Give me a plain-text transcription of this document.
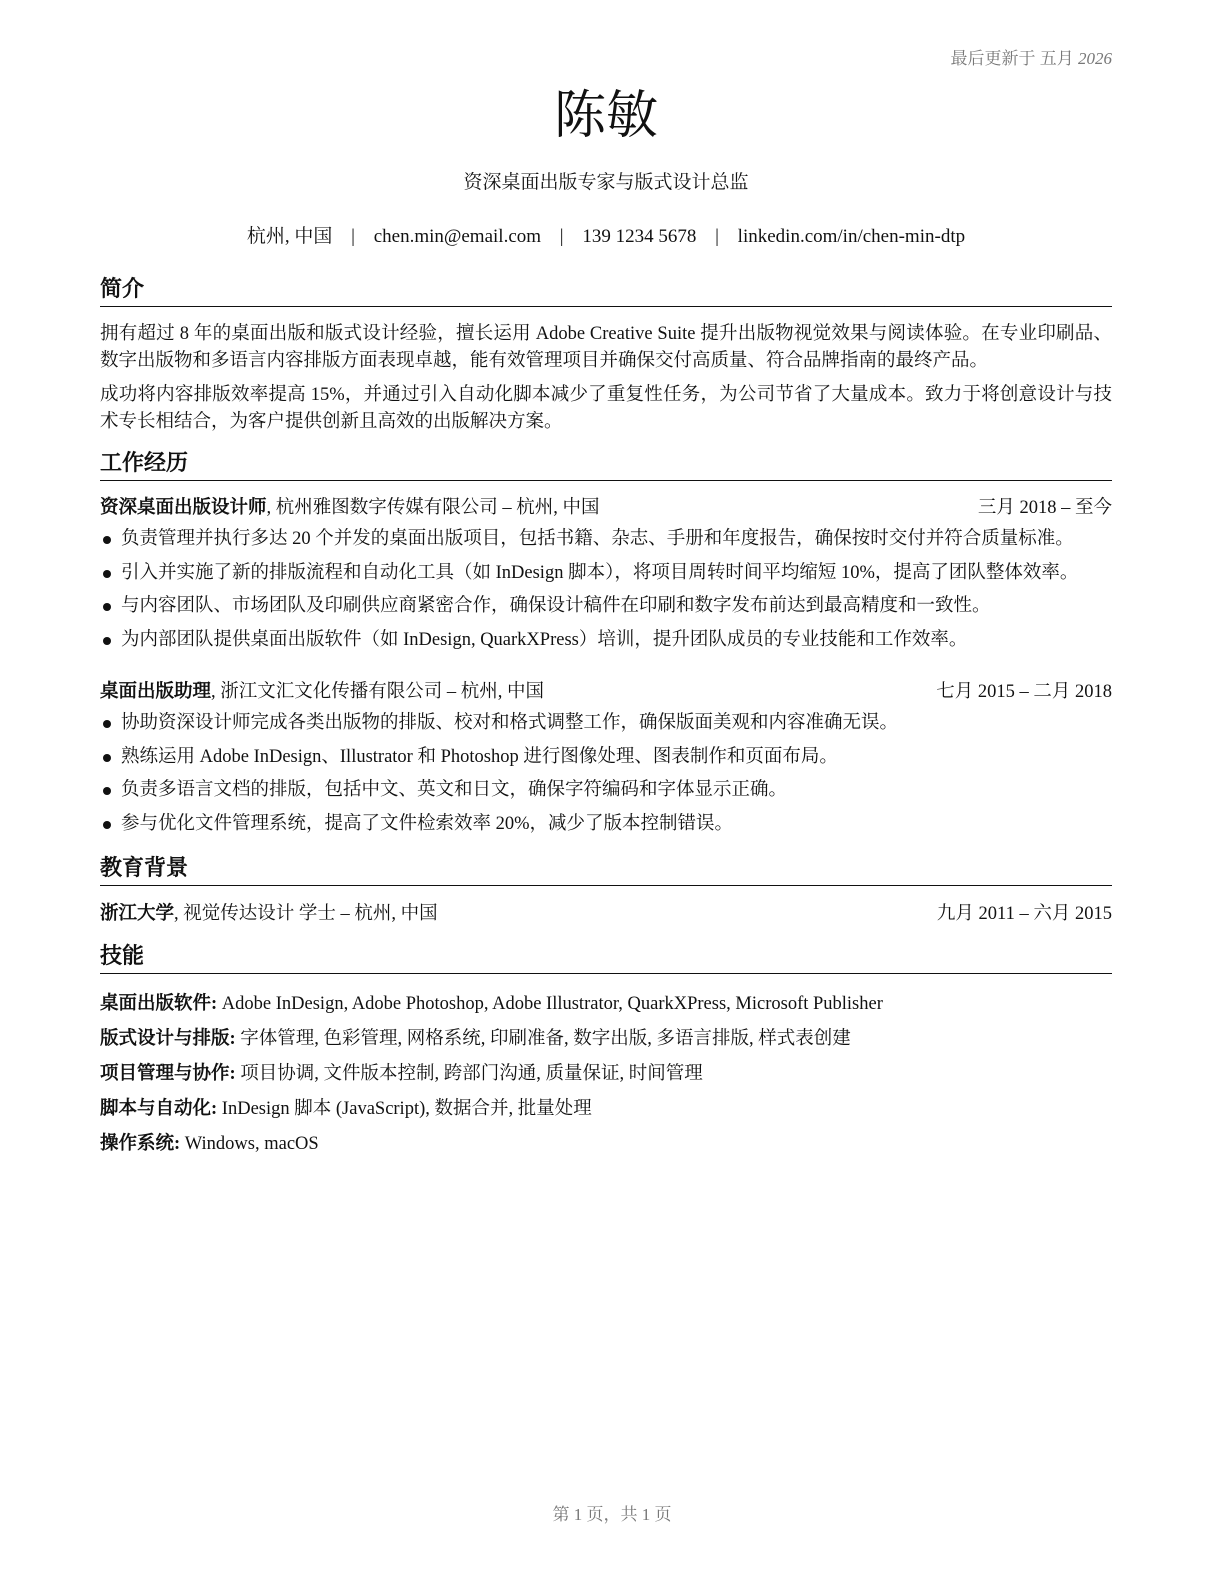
最后更新于 五月 2026
陈敏
资深桌面出版专家与版式设计总监
杭州, 中国 | chen.min@email.com | 139 1234 5678 | linkedin.com/in/chen-min-dtp
简介
拥有超过 8 年的桌面出版和版式设计经验，擅长运用 Adobe Creative Suite 提升出版物视觉效果与阅读体验。在专业印刷品、数字出版物和多语言内容排版方面表现卓越，能有效管理项目并确保交付高质量、符合品牌指南的最终产品。
成功将内容排版效率提高 15%，并通过引入自动化脚本减少了重复性任务，为公司节省了大量成本。致力于将创意设计与技术专长相结合，为客户提供创新且高效的出版解决方案。
工作经历
资深桌面出版设计师, 杭州雅图数字传媒有限公司 – 杭州, 中国	三月 2018 – 至今
负责管理并执行多达 20 个并发的桌面出版项目，包括书籍、杂志、手册和年度报告，确保按时交付并符合质量标准。
引入并实施了新的排版流程和自动化工具（如 InDesign 脚本），将项目周转时间平均缩短 10%，提高了团队整体效率。
与内容团队、市场团队及印刷供应商紧密合作，确保设计稿件在印刷和数字发布前达到最高精度和一致性。
为内部团队提供桌面出版软件（如 InDesign, QuarkXPress）培训，提升团队成员的专业技能和工作效率。
桌面出版助理, 浙江文汇文化传播有限公司 – 杭州, 中国	七月 2015 – 二月 2018
协助资深设计师完成各类出版物的排版、校对和格式调整工作，确保版面美观和内容准确无误。
熟练运用 Adobe InDesign、Illustrator 和 Photoshop 进行图像处理、图表制作和页面布局。
负责多语言文档的排版，包括中文、英文和日文，确保字符编码和字体显示正确。
参与优化文件管理系统，提高了文件检索效率 20%，减少了版本控制错误。
教育背景
浙江大学, 视觉传达设计 学士 – 杭州, 中国	九月 2011 – 六月 2015
技能
桌面出版软件: Adobe InDesign, Adobe Photoshop, Adobe Illustrator, QuarkXPress, Microsoft Publisher
版式设计与排版: 字体管理, 色彩管理, 网格系统, 印刷准备, 数字出版, 多语言排版, 样式表创建
项目管理与协作: 项目协调, 文件版本控制, 跨部门沟通, 质量保证, 时间管理
脚本与自动化: InDesign 脚本 (JavaScript), 数据合并, 批量处理
操作系统: Windows, macOS
第 1 页，共 1 页
